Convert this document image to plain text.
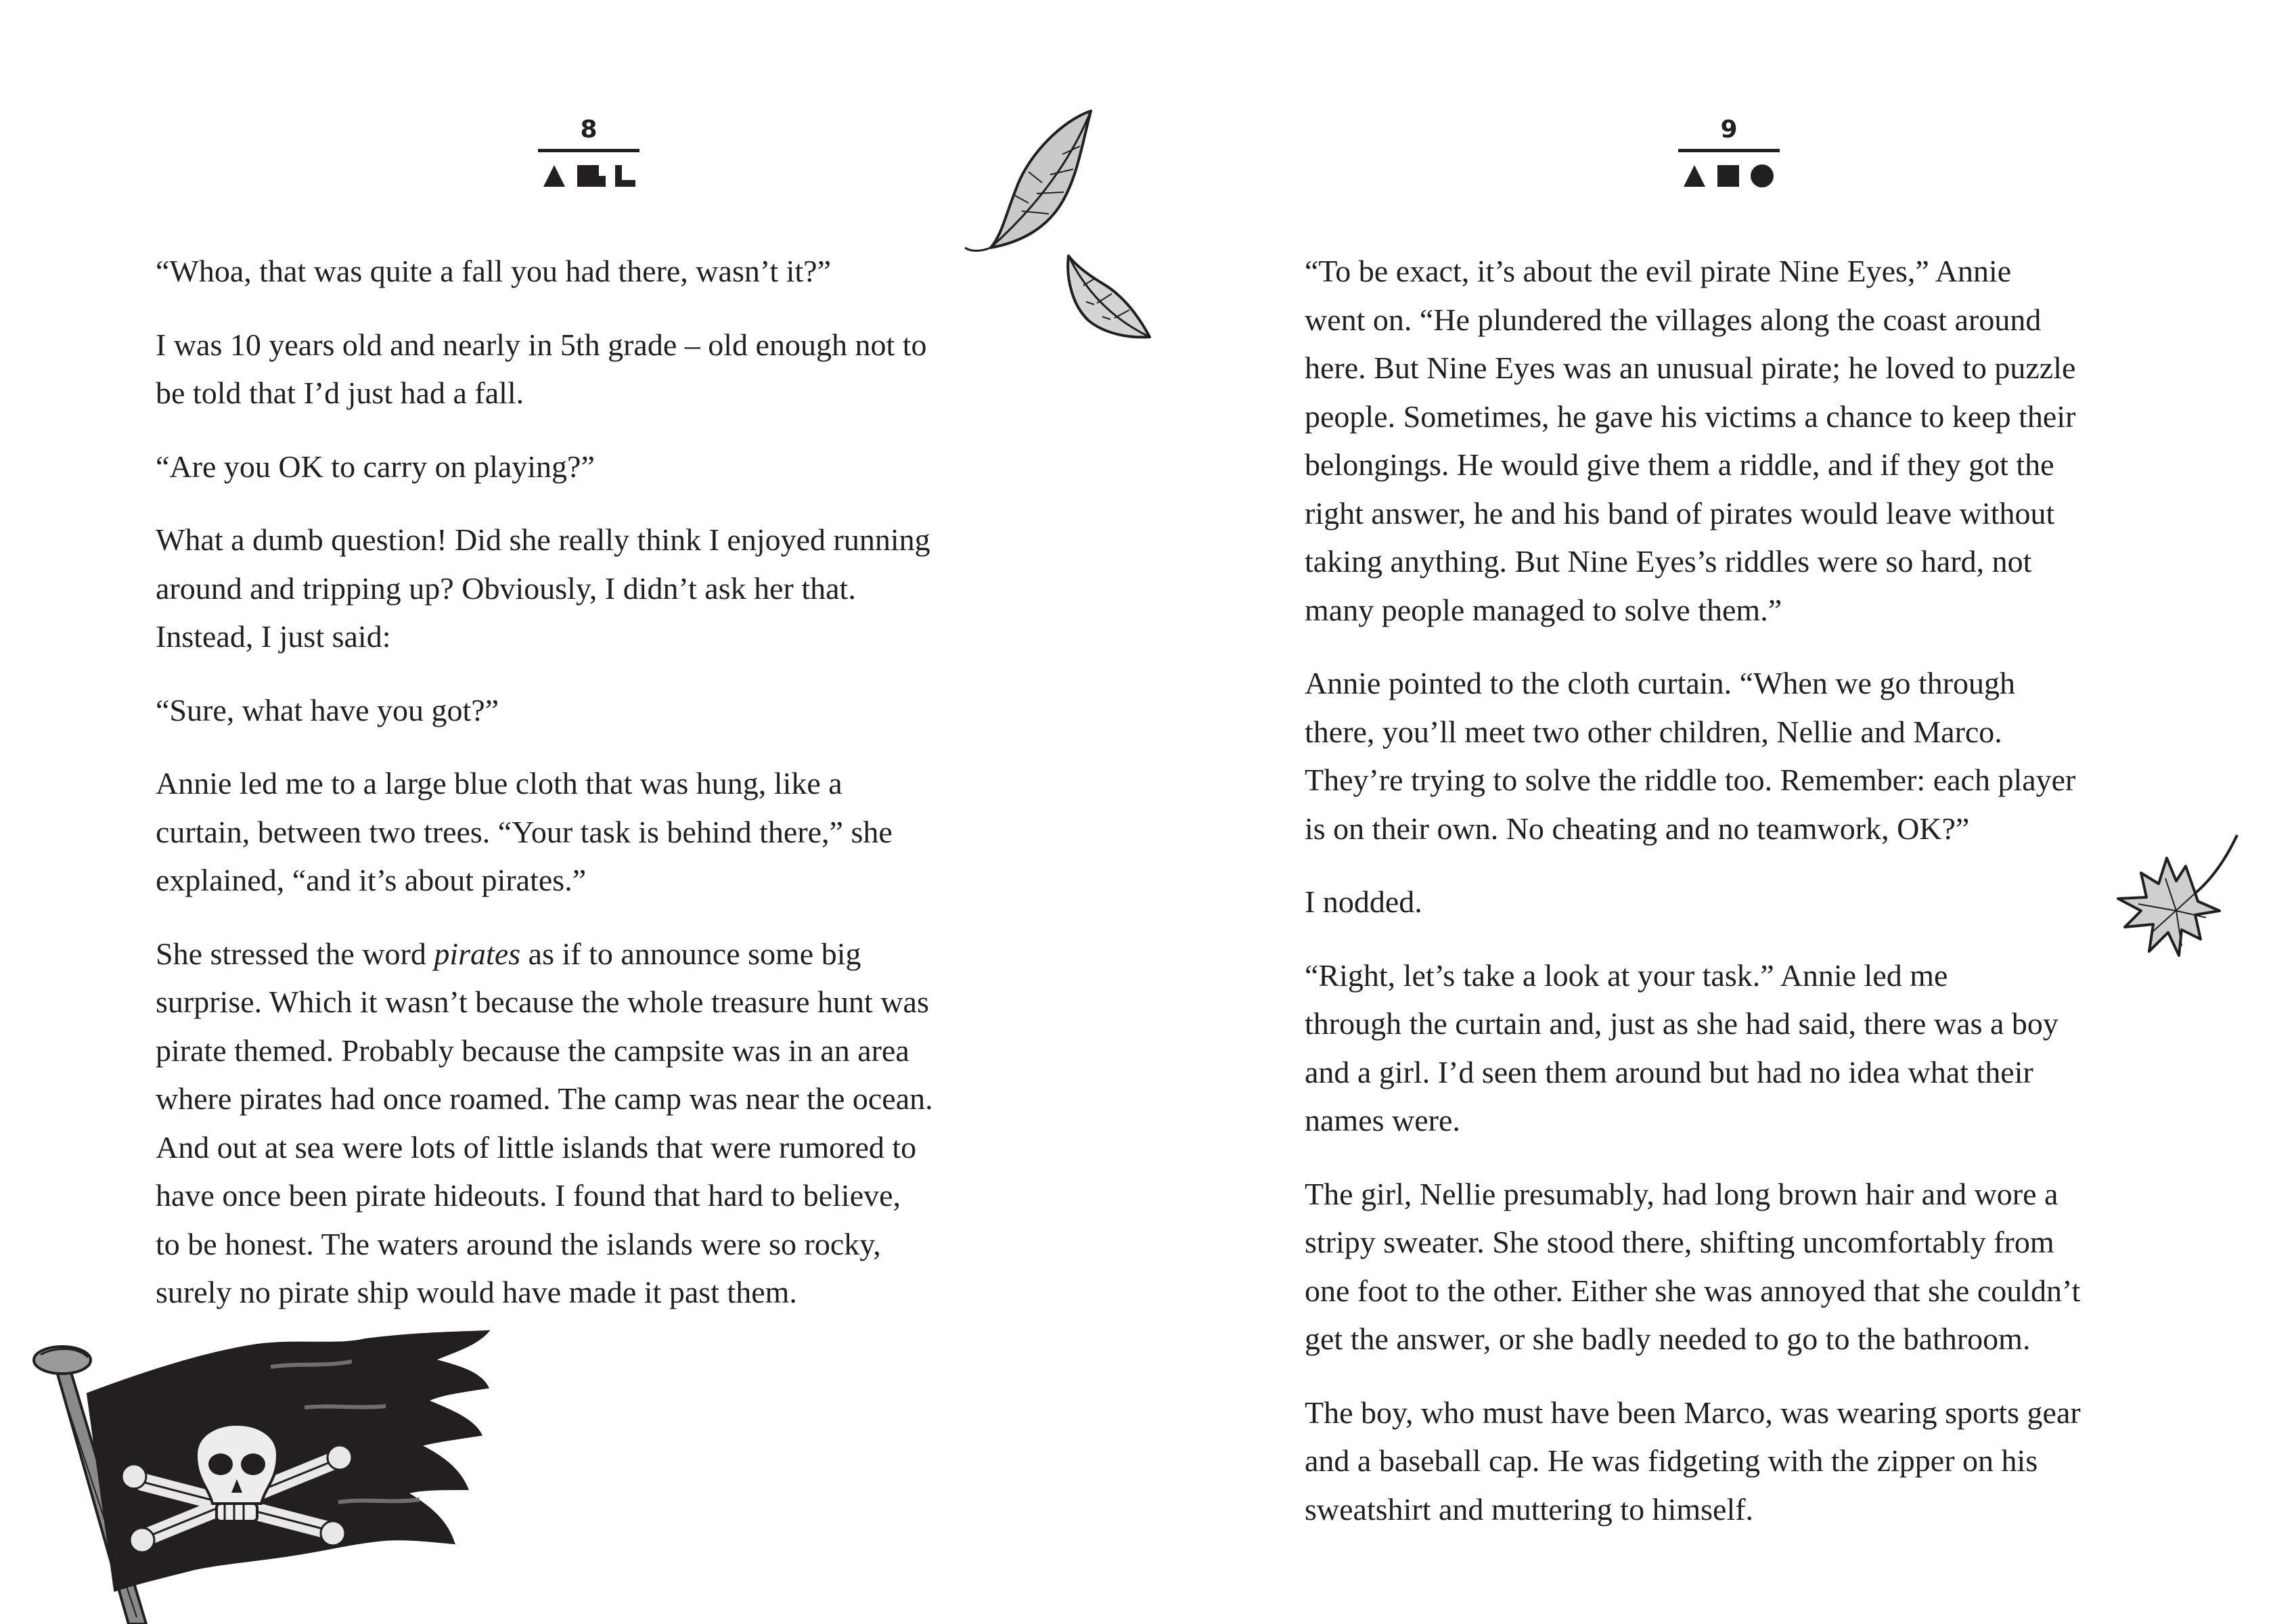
8	9

“Whoa, that was quite a fall you had there, wasn’t it?”

I was 10 years old and nearly in 5th grade – old enough not to
be told that I’d just had a fall.

“Are you OK to carry on playing?”

What a dumb question! Did she really think I enjoyed running
around and tripping up? Obviously, I didn’t ask her that.
Instead, I just said:

“Sure, what have you got?”

Annie led me to a large blue cloth that was hung, like a
curtain, between two trees. “Your task is behind there,” she
explained, “and it’s about pirates.”

She stressed the word pirates as if to announce some big
surprise. Which it wasn’t because the whole treasure hunt was
pirate themed. Probably because the campsite was in an area
where pirates had once roamed. The camp was near the ocean.
And out at sea were lots of little islands that were rumored to
have once been pirate hideouts. I found that hard to believe,
to be honest. The waters around the islands were so rocky,
surely no pirate ship would have made it past them.

“To be exact, it’s about the evil pirate Nine Eyes,” Annie
went on. “He plundered the villages along the coast around
here. But Nine Eyes was an unusual pirate; he loved to puzzle
people. Sometimes, he gave his victims a chance to keep their
belongings. He would give them a riddle, and if they got the
right answer, he and his band of pirates would leave without
taking anything. But Nine Eyes’s riddles were so hard, not
many people managed to solve them.”

Annie pointed to the cloth curtain. “When we go through
there, you’ll meet two other children, Nellie and Marco.
They’re trying to solve the riddle too. Remember: each player
is on their own. No cheating and no teamwork, OK?”

I nodded.

“Right, let’s take a look at your task.” Annie led me
through the curtain and, just as she had said, there was a boy
and a girl. I’d seen them around but had no idea what their
names were.

The girl, Nellie presumably, had long brown hair and wore a
stripy sweater. She stood there, shifting uncomfortably from
one foot to the other. Either she was annoyed that she couldn’t
get the answer, or she badly needed to go to the bathroom.

The boy, who must have been Marco, was wearing sports gear
and a baseball cap. He was fidgeting with the zipper on his
sweatshirt and muttering to himself.
